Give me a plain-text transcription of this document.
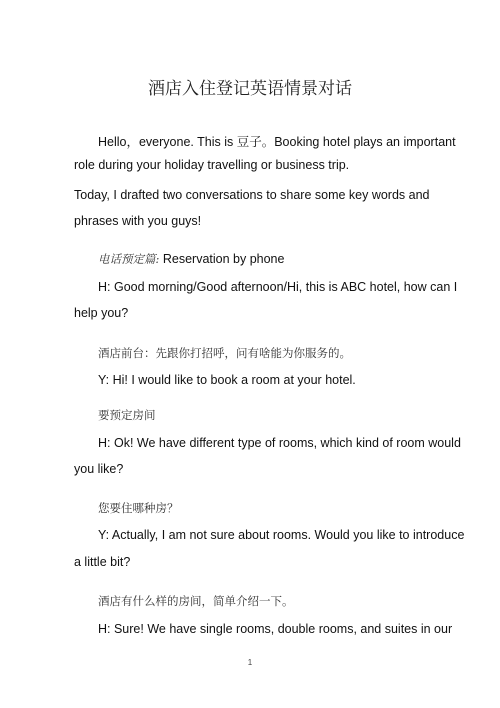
酒店入住登记英语情景对话
Hello，everyone. This is 豆子。Booking hotel plays an important
role during your holiday travelling or business trip.
Today, I drafted two conversations to share some key words and
phrases with you guys!
电话预定篇: Reservation by phone
H: Good morning/Good afternoon/Hi, this is ABC hotel, how can I
help you?
酒店前台：先跟你打招呼，问有啥能为你服务的。
Y: Hi! I would like to book a room at your hotel.
要预定房间
H: Ok! We have different type of rooms, which kind of room would
you like?
您要住哪种房？
Y: Actually, I am not sure about rooms. Would you like to introduce
a little bit?
酒店有什么样的房间，简单介绍一下。
H: Sure! We have single rooms, double rooms, and suites in our
1
